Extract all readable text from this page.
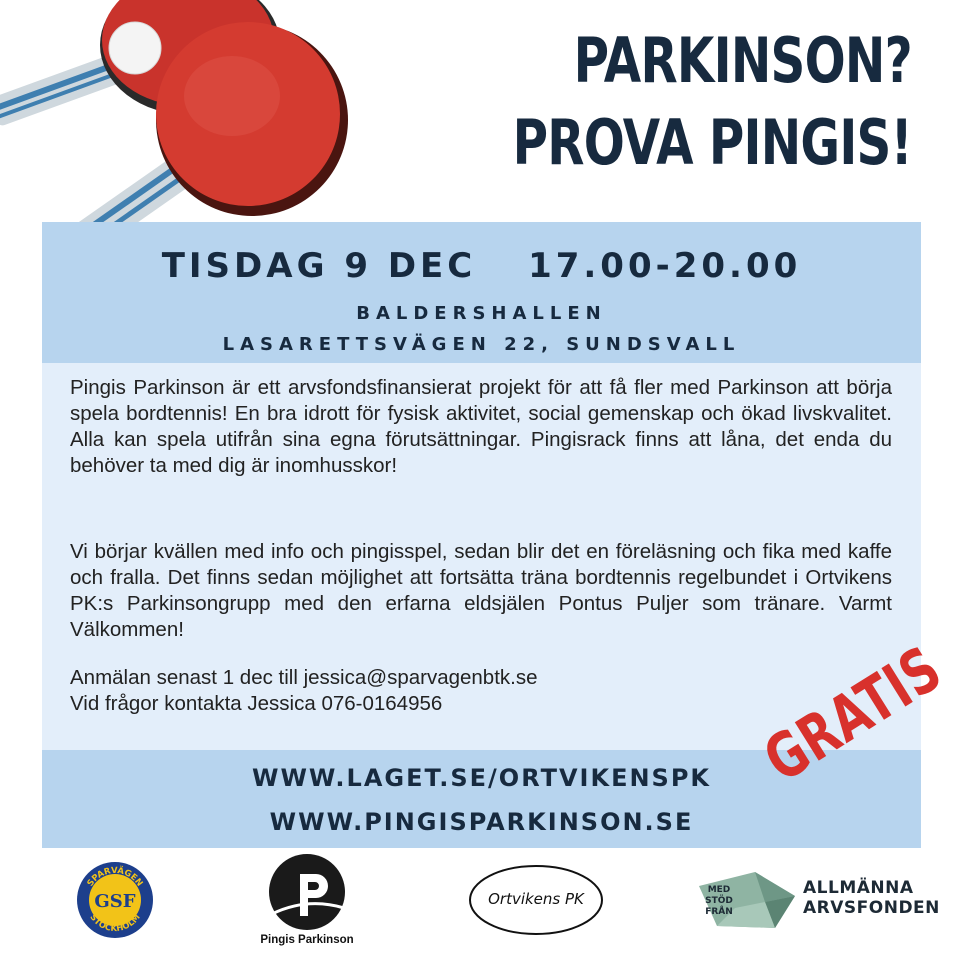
PARKINSON?
PROVA PINGIS!
TISDAG 9 DEC 17.00-20.00
BALDERSHALLEN
LASARETTSVÄGEN 22, SUNDSVALL
Pingis Parkinson är ett arvsfondsfinansierat projekt för att få fler med Parkinson att börja spela bordtennis! En bra idrott för fysisk aktivitet, social gemenskap och ökad livskvalitet. Alla kan spela utifrån sina egna förutsättningar. Pingisrack finns att låna, det enda du behöver ta med dig är inomhusskor!
Vi börjar kvällen med info och pingisspel, sedan blir det en föreläsning och fika med kaffe och fralla. Det finns sedan möjlighet att fortsätta träna bordtennis regelbundet i Ortvikens PK:s Parkinsongrupp med den erfarna eldsjälen Pontus Puljer som tränare. Varmt Välkommen!
Anmälan senast 1 dec till jessica@sparvagenbtk.se
Vid frågor kontakta Jessica 076-0164956
WWW.LAGET.SE/ORTVIKENSPK
WWW.PINGISPARKINSON.SE
GRATIS
SPARVÄGEN
STOCKHOLM
GSF
Pingis Parkinson
Ortvikens PK	MED
STÖD
FRÅN
ALLMÄNNA
ARVSFONDEN
